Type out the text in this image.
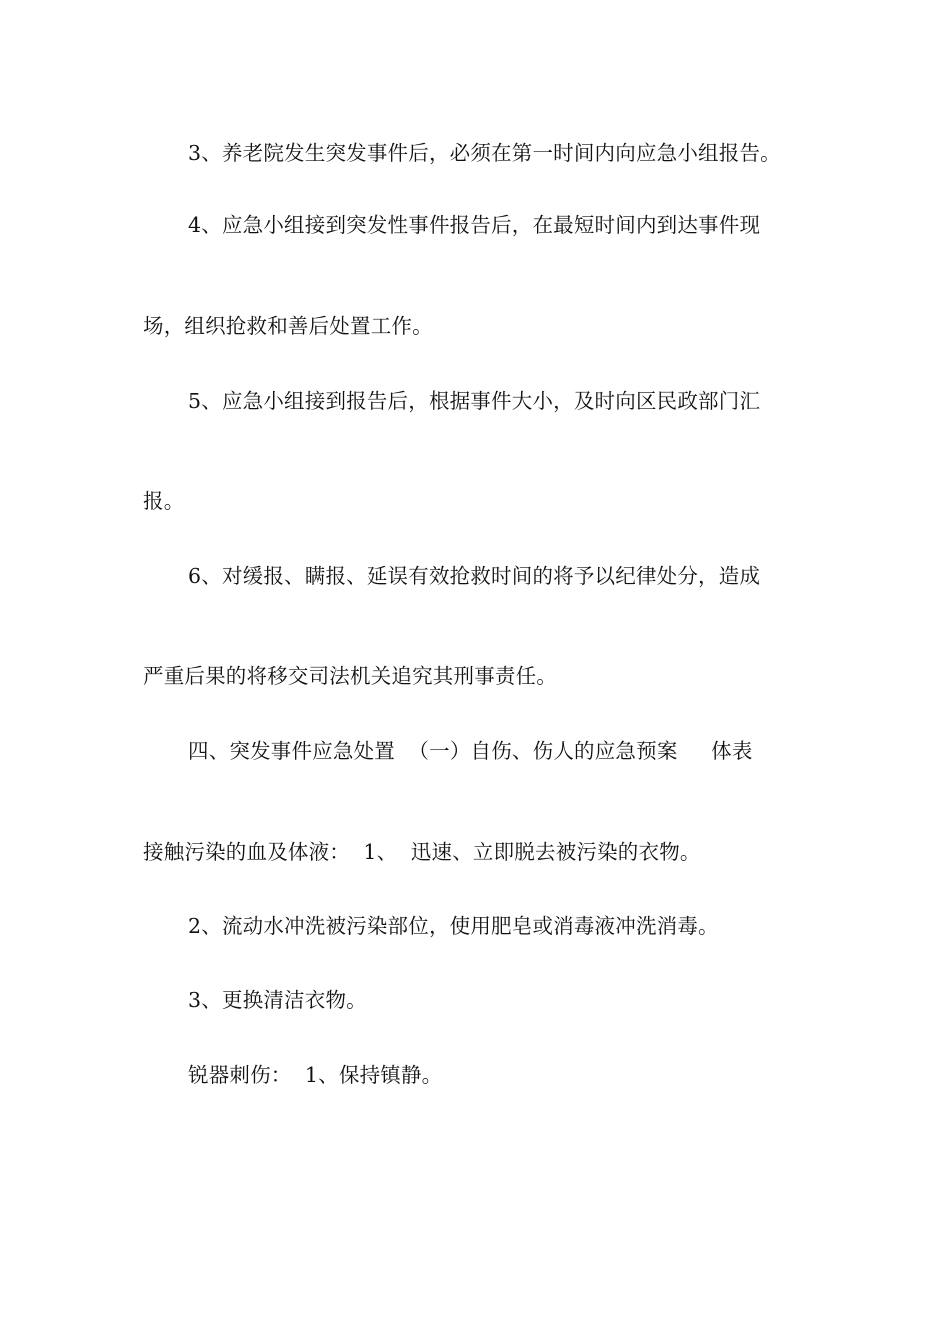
3、养老院发生突发事件后，必须在第一时间内向应急小组报告。
4、应急小组接到突发性事件报告后，在最短时间内到达事件现
场，组织抢救和善后处置工作。
5、应急小组接到报告后，根据事件大小，及时向区民政部门汇
报。
6、对缓报、瞒报、延误有效抢救时间的将予以纪律处分，造成
严重后果的将移交司法机关追究其刑事责任。
四、突发事件应急处置  （一）自伤、伤人的应急预案     体表
接触污染的血及体液：  1、  迅速、立即脱去被污染的衣物。
2、流动水冲洗被污染部位，使用肥皂或消毒液冲洗消毒。
3、更换清洁衣物。
锐器刺伤：  1、保持镇静。
